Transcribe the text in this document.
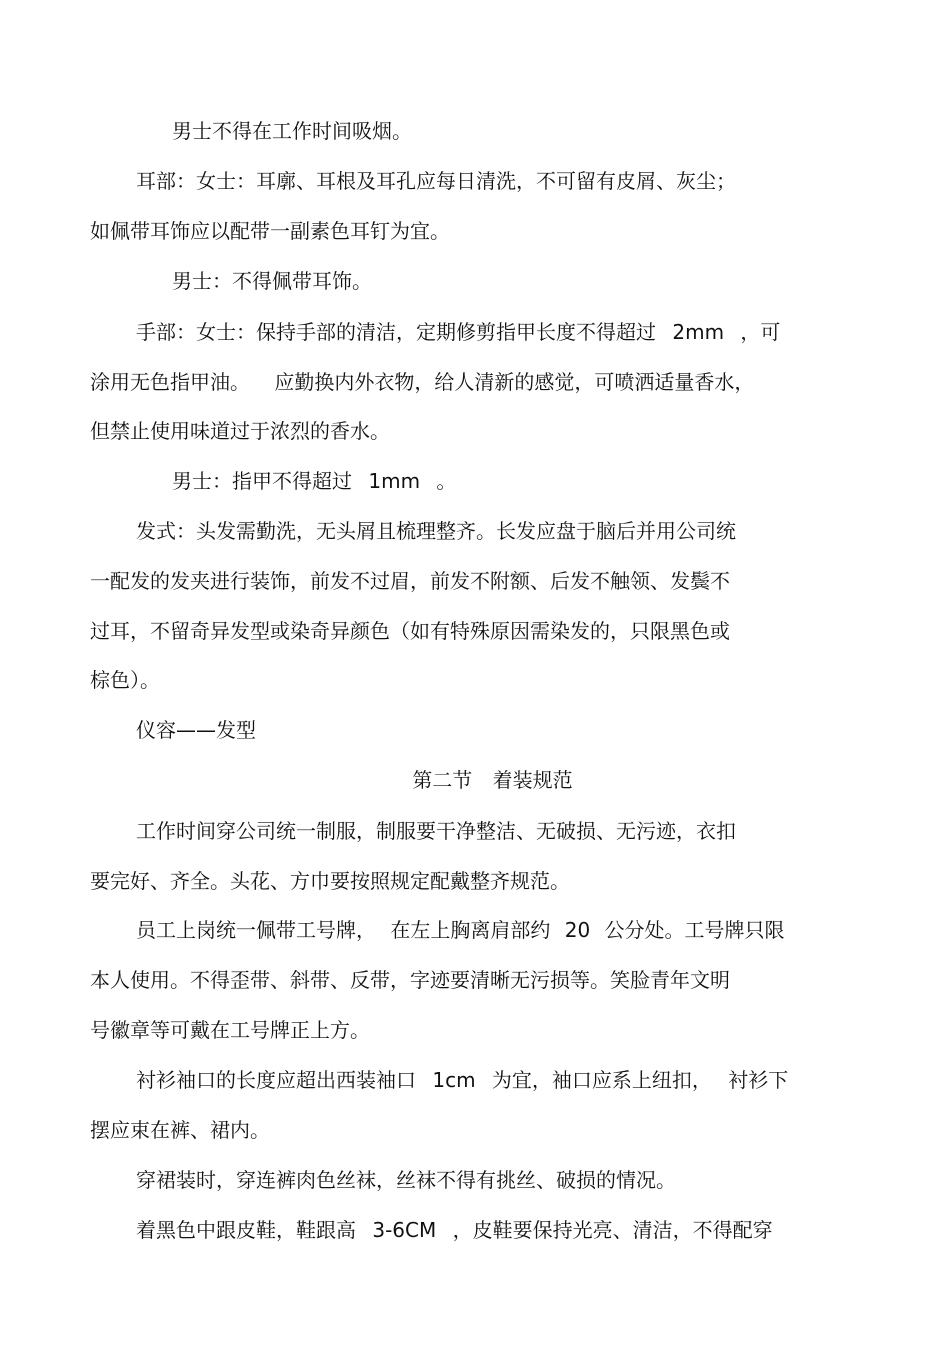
男士不得在工作时间吸烟。

耳部：女士：耳廓、耳根及耳孔应每日清洗，不可留有皮屑、灰尘；

如佩带耳饰应以配带一副素色耳钉为宜。

男士：不得佩带耳饰。

手部：女士：保持手部的清洁，定期修剪指甲长度不得超过 2mm ，可

涂用无色指甲油。 应勤换内外衣物，给人清新的感觉，可喷洒适量香水，

但禁止使用味道过于浓烈的香水。

男士：指甲不得超过 1mm 。

发式：头发需勤洗，无头屑且梳理整齐。长发应盘于脑后并用公司统

一配发的发夹进行装饰，前发不过眉，前发不附额、后发不触领、发鬓不

过耳，不留奇异发型或染奇异颜色（如有特殊原因需染发的，只限黑色或

棕色）。

仪容——发型

第二节 着装规范

工作时间穿公司统一制服，制服要干净整洁、无破损、无污迹，衣扣

要完好、齐全。头花、方巾要按照规定配戴整齐规范。

员工上岗统一佩带工号牌， 在左上胸离肩部约 20 公分处。工号牌只限

本人使用。不得歪带、斜带、反带，字迹要清晰无污损等。笑脸青年文明

号徽章等可戴在工号牌正上方。

衬衫袖口的长度应超出西装袖口 1cm 为宜，袖口应系上纽扣， 衬衫下

摆应束在裤、裙内。

穿裙装时，穿连裤肉色丝袜，丝袜不得有挑丝、破损的情况。

着黑色中跟皮鞋，鞋跟高 3-6CM ，皮鞋要保持光亮、清洁，不得配穿
